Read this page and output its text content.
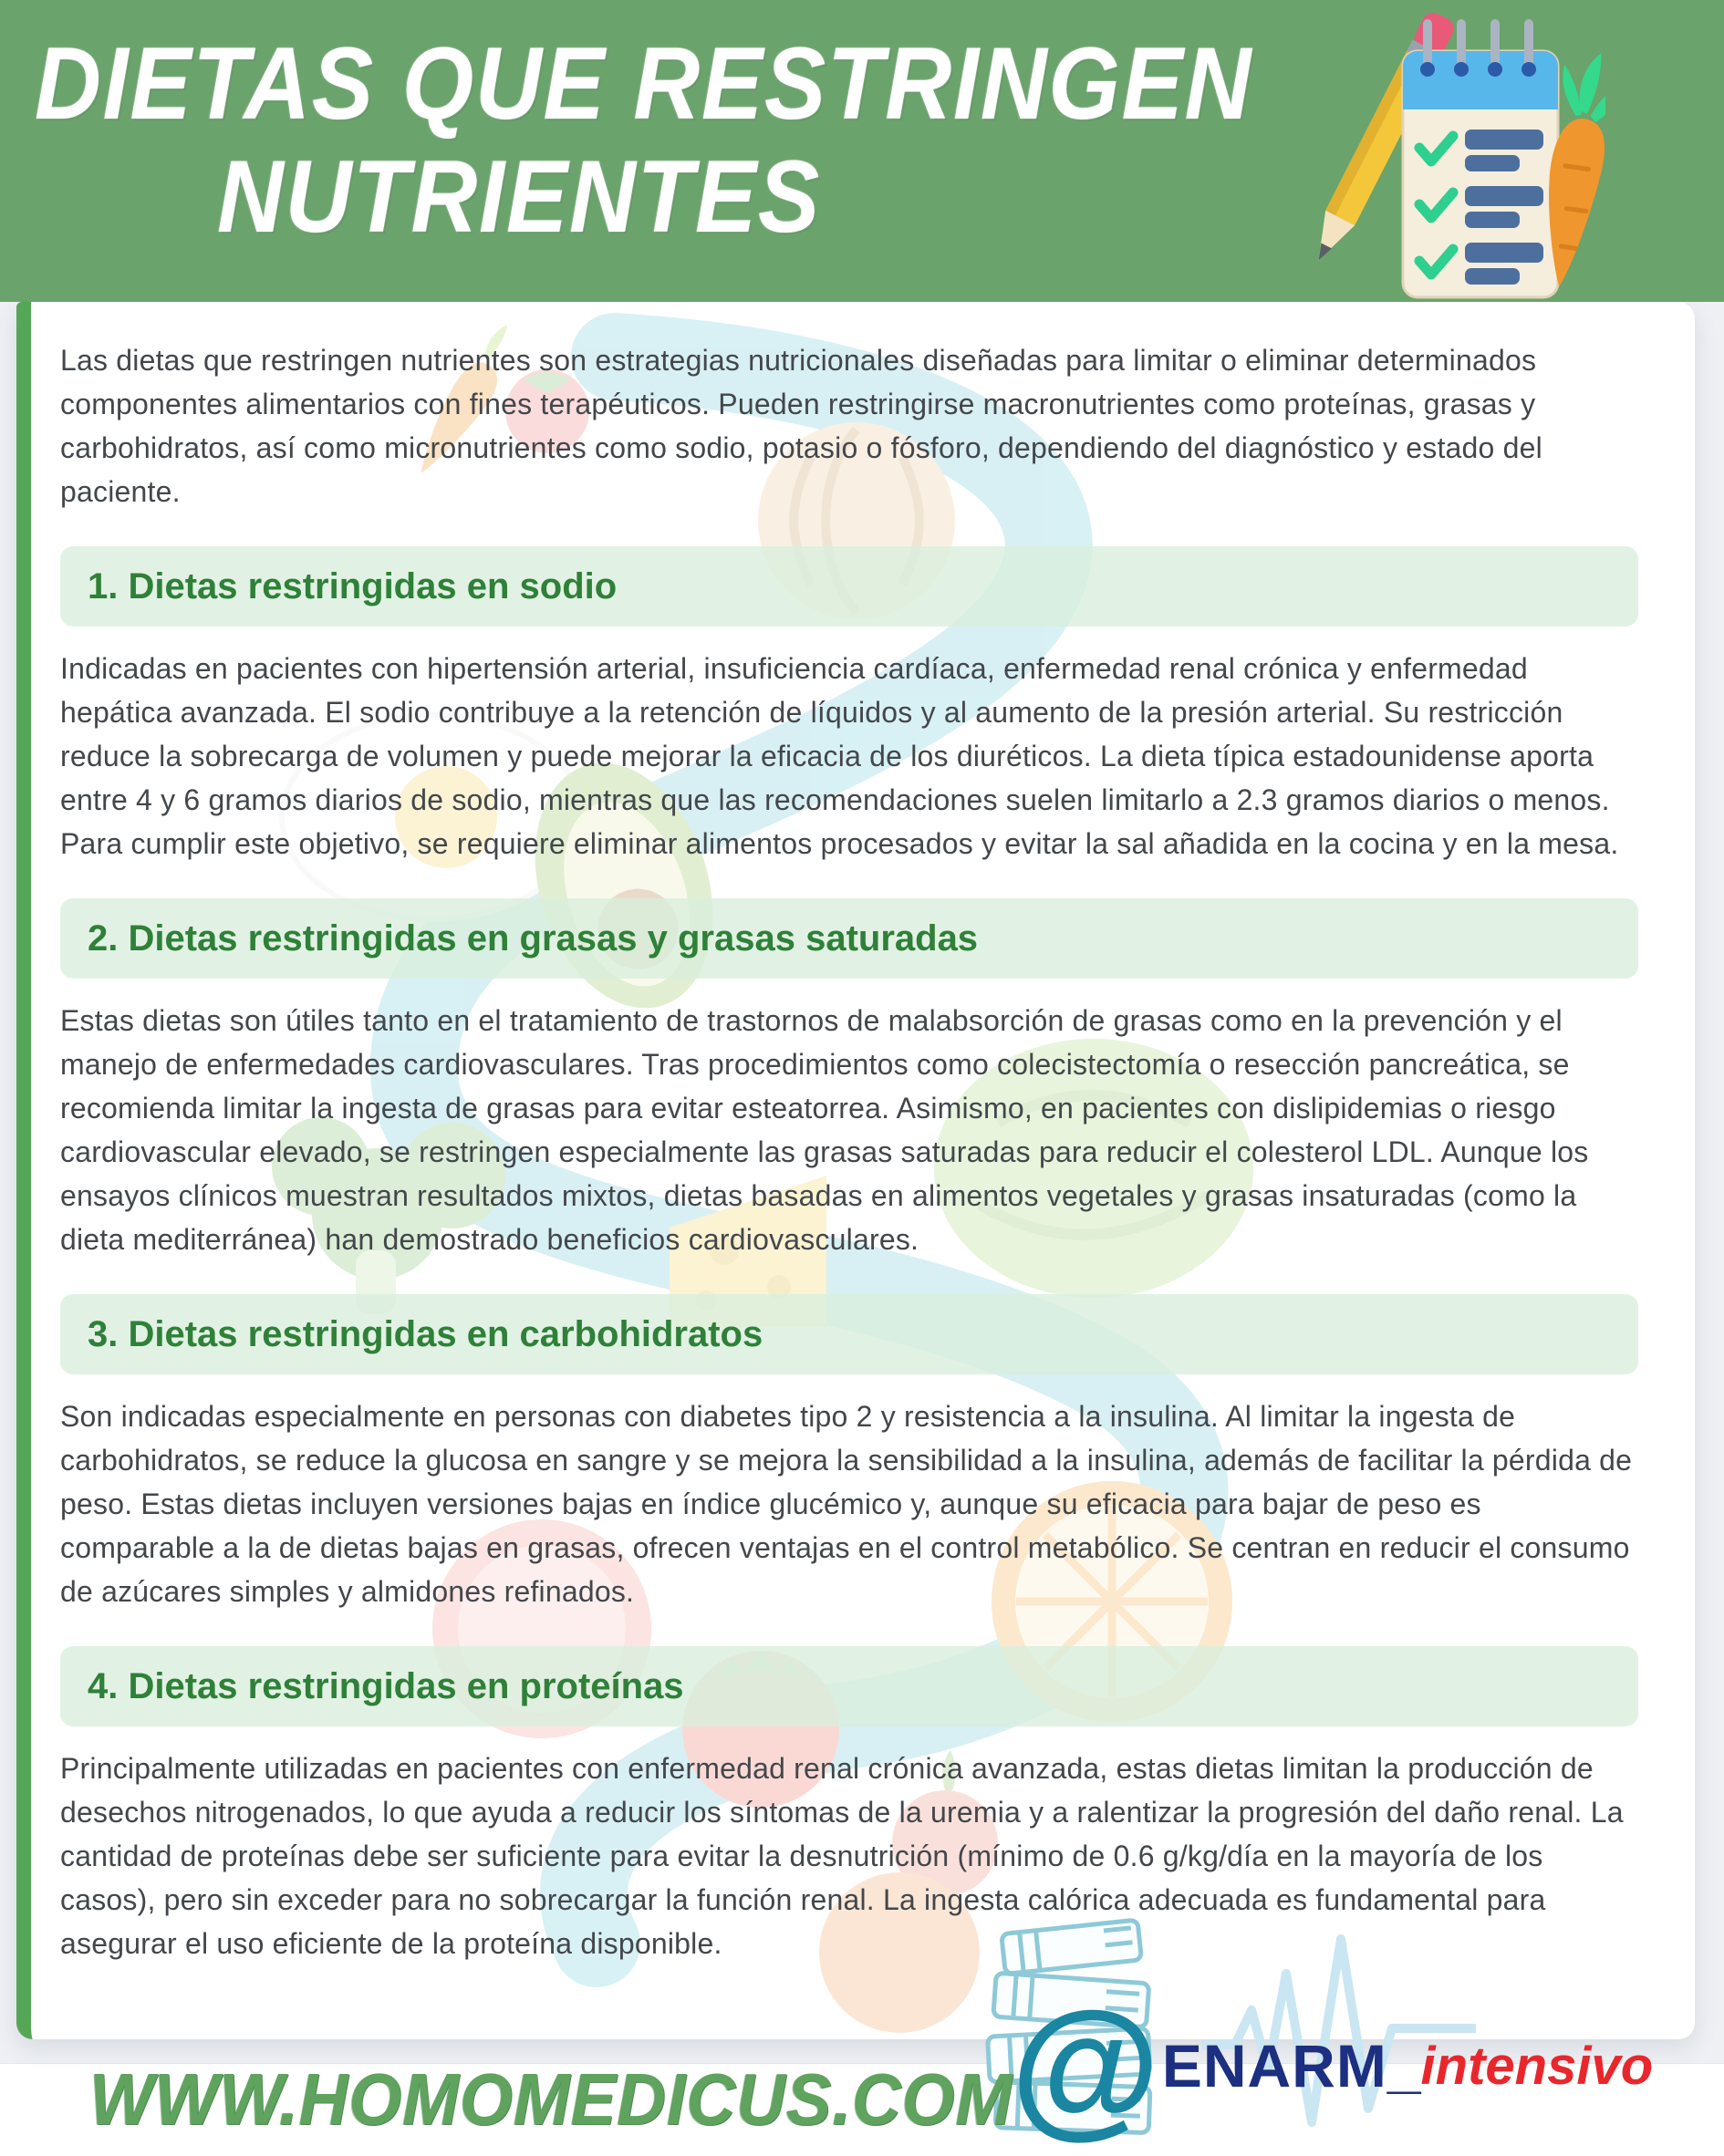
DIETAS QUE RESTRINGEN
NUTRIENTES

Las dietas que restringen nutrientes son estrategias nutricionales diseñadas para limitar o eliminar determinados componentes alimentarios con fines terapéuticos. Pueden restringirse macronutrientes como proteínas, grasas y carbohidratos, así como micronutrientes como sodio, potasio o fósforo, dependiendo del diagnóstico y estado del paciente.

1. Dietas restringidas en sodio

Indicadas en pacientes con hipertensión arterial, insuficiencia cardíaca, enfermedad renal crónica y enfermedad hepática avanzada. El sodio contribuye a la retención de líquidos y al aumento de la presión arterial. Su restricción reduce la sobrecarga de volumen y puede mejorar la eficacia de los diuréticos. La dieta típica estadounidense aporta entre 4 y 6 gramos diarios de sodio, mientras que las recomendaciones suelen limitarlo a 2.3 gramos diarios o menos. Para cumplir este objetivo, se requiere eliminar alimentos procesados y evitar la sal añadida en la cocina y en la mesa.

2. Dietas restringidas en grasas y grasas saturadas

Estas dietas son útiles tanto en el tratamiento de trastornos de malabsorción de grasas como en la prevención y el manejo de enfermedades cardiovasculares. Tras procedimientos como colecistectomía o resección pancreática, se recomienda limitar la ingesta de grasas para evitar esteatorrea. Asimismo, en pacientes con dislipidemias o riesgo cardiovascular elevado, se restringen especialmente las grasas saturadas para reducir el colesterol LDL. Aunque los ensayos clínicos muestran resultados mixtos, dietas basadas en alimentos vegetales y grasas insaturadas (como la dieta mediterránea) han demostrado beneficios cardiovasculares.

3. Dietas restringidas en carbohidratos

Son indicadas especialmente en personas con diabetes tipo 2 y resistencia a la insulina. Al limitar la ingesta de carbohidratos, se reduce la glucosa en sangre y se mejora la sensibilidad a la insulina, además de facilitar la pérdida de peso. Estas dietas incluyen versiones bajas en índice glucémico y, aunque su eficacia para bajar de peso es comparable a la de dietas bajas en grasas, ofrecen ventajas en el control metabólico. Se centran en reducir el consumo de azúcares simples y almidones refinados.

4. Dietas restringidas en proteínas

Principalmente utilizadas en pacientes con enfermedad renal crónica avanzada, estas dietas limitan la producción de desechos nitrogenados, lo que ayuda a reducir los síntomas de la uremia y a ralentizar la progresión del daño renal. La cantidad de proteínas debe ser suficiente para evitar la desnutrición (mínimo de 0.6 g/kg/día en la mayoría de los casos), pero sin exceder para no sobrecargar la función renal. La ingesta calórica adecuada es fundamental para asegurar el uso eficiente de la proteína disponible.

WWW.HOMOMEDICUS.COM
@ ENARM _ intensivo
